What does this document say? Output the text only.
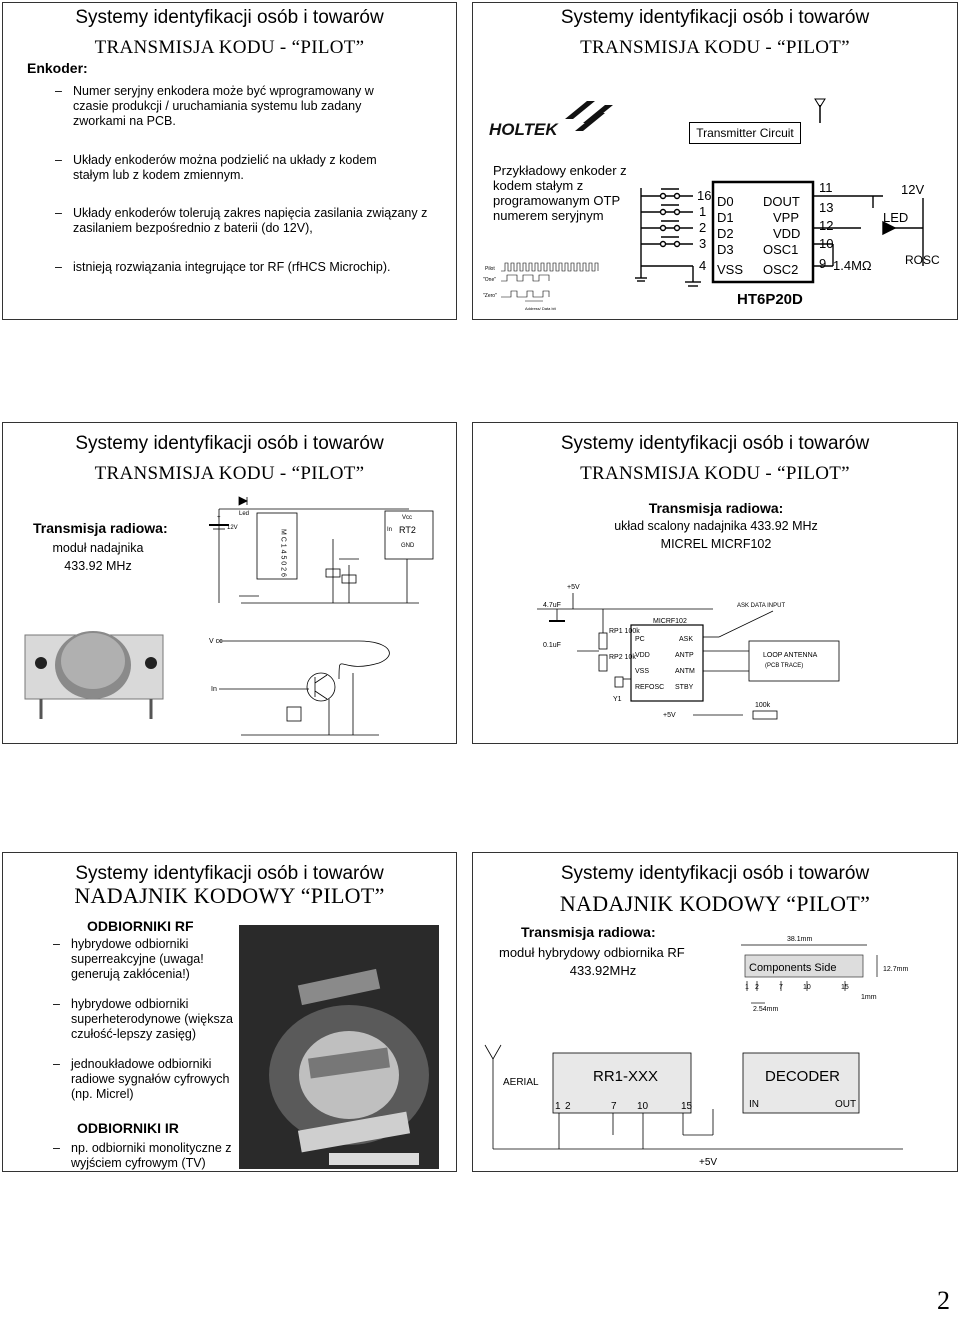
Systemy identyfikacji osób i towarów
TRANSMISJA KODU - “PILOT”
Enkoder:
– Numer seryjny enkodera może być wprogramowany w czasie produkcji / uruchamiania systemu lub zadany zworkami na PCB.
– Układy enkoderów można podzielić na układy z kodem stałym lub z kodem zmiennym.
– Układy enkoderów tolerują zakres napięcia zasilania związany z zasilaniem bezpośrednio z baterii (do 12V),
– istnieją rozwiązania integrujące tor RF (rfHCS Microchip).
Systemy identyfikacji osób i towarów
TRANSMISJA KODU - “PILOT”
HOLTEK	Transmitter Circuit
Przykładowy enkoder z kodem stałym z programowanym OTP numerem seryjnym
Pilot
"One"
"Zero"
Address/ Data bit
16
1
2
3
4
D0
D1
D2
D3
VSS
DOUT
VPP
VDD
OSC1
OSC2
11
13
12
10
9
12V
LED
ROSC
1.4MΩ
HT6P20D
Systemy identyfikacji osób i towarów
TRANSMISJA KODU - “PILOT”
Transmisja radiowa:
moduł nadajnika
433.92 MHz
Led
+
12V
M C 1 4 5 0 2 6
Vcc
In RT2
GND
V cc
In
Systemy identyfikacji osób i towarów
TRANSMISJA KODU - “PILOT”
Transmisja radiowa:
układ scalony nadajnika 433.92 MHz
MICREL MICRF102
+5V
4.7uF
0.1uF
RP1 100k
RP2 10k
MICRF102
PC
VDD
VSS
REFOSC
ASK
ANTP
ANTM
STBY
ASK DATA INPUT
LOOP ANTENNA
(PCB TRACE)
Y1
+5V
100k
Systemy identyfikacji osób i towarów
NADAJNIK KODOWY “PILOT”
ODBIORNIKI RF
– hybrydowe odbiorniki superreakcyjne (uwaga! generują zakłócenia!)
– hybrydowe odbiorniki superheterodynowe (większa czułość-lepszy zasięg)
– jednoukładowe odbiorniki radiowe sygnałów cyfrowych (np. Micrel)
ODBIORNIKI IR
– np. odbiorniki monolityczne z wyjściem cyfrowym (TV)
Systemy identyfikacji osób i towarów
NADAJNIK KODOWY “PILOT”
Transmisja radiowa:
moduł hybrydowy odbiornika RF
433.92MHz
38.1mm
Components Side	12.7mm
1 2	7	10	15
2.54mm
1mm
AERIAL	RR1-XXX	DECODER
1 2	7 10	15	IN	OUT
+5V
2
